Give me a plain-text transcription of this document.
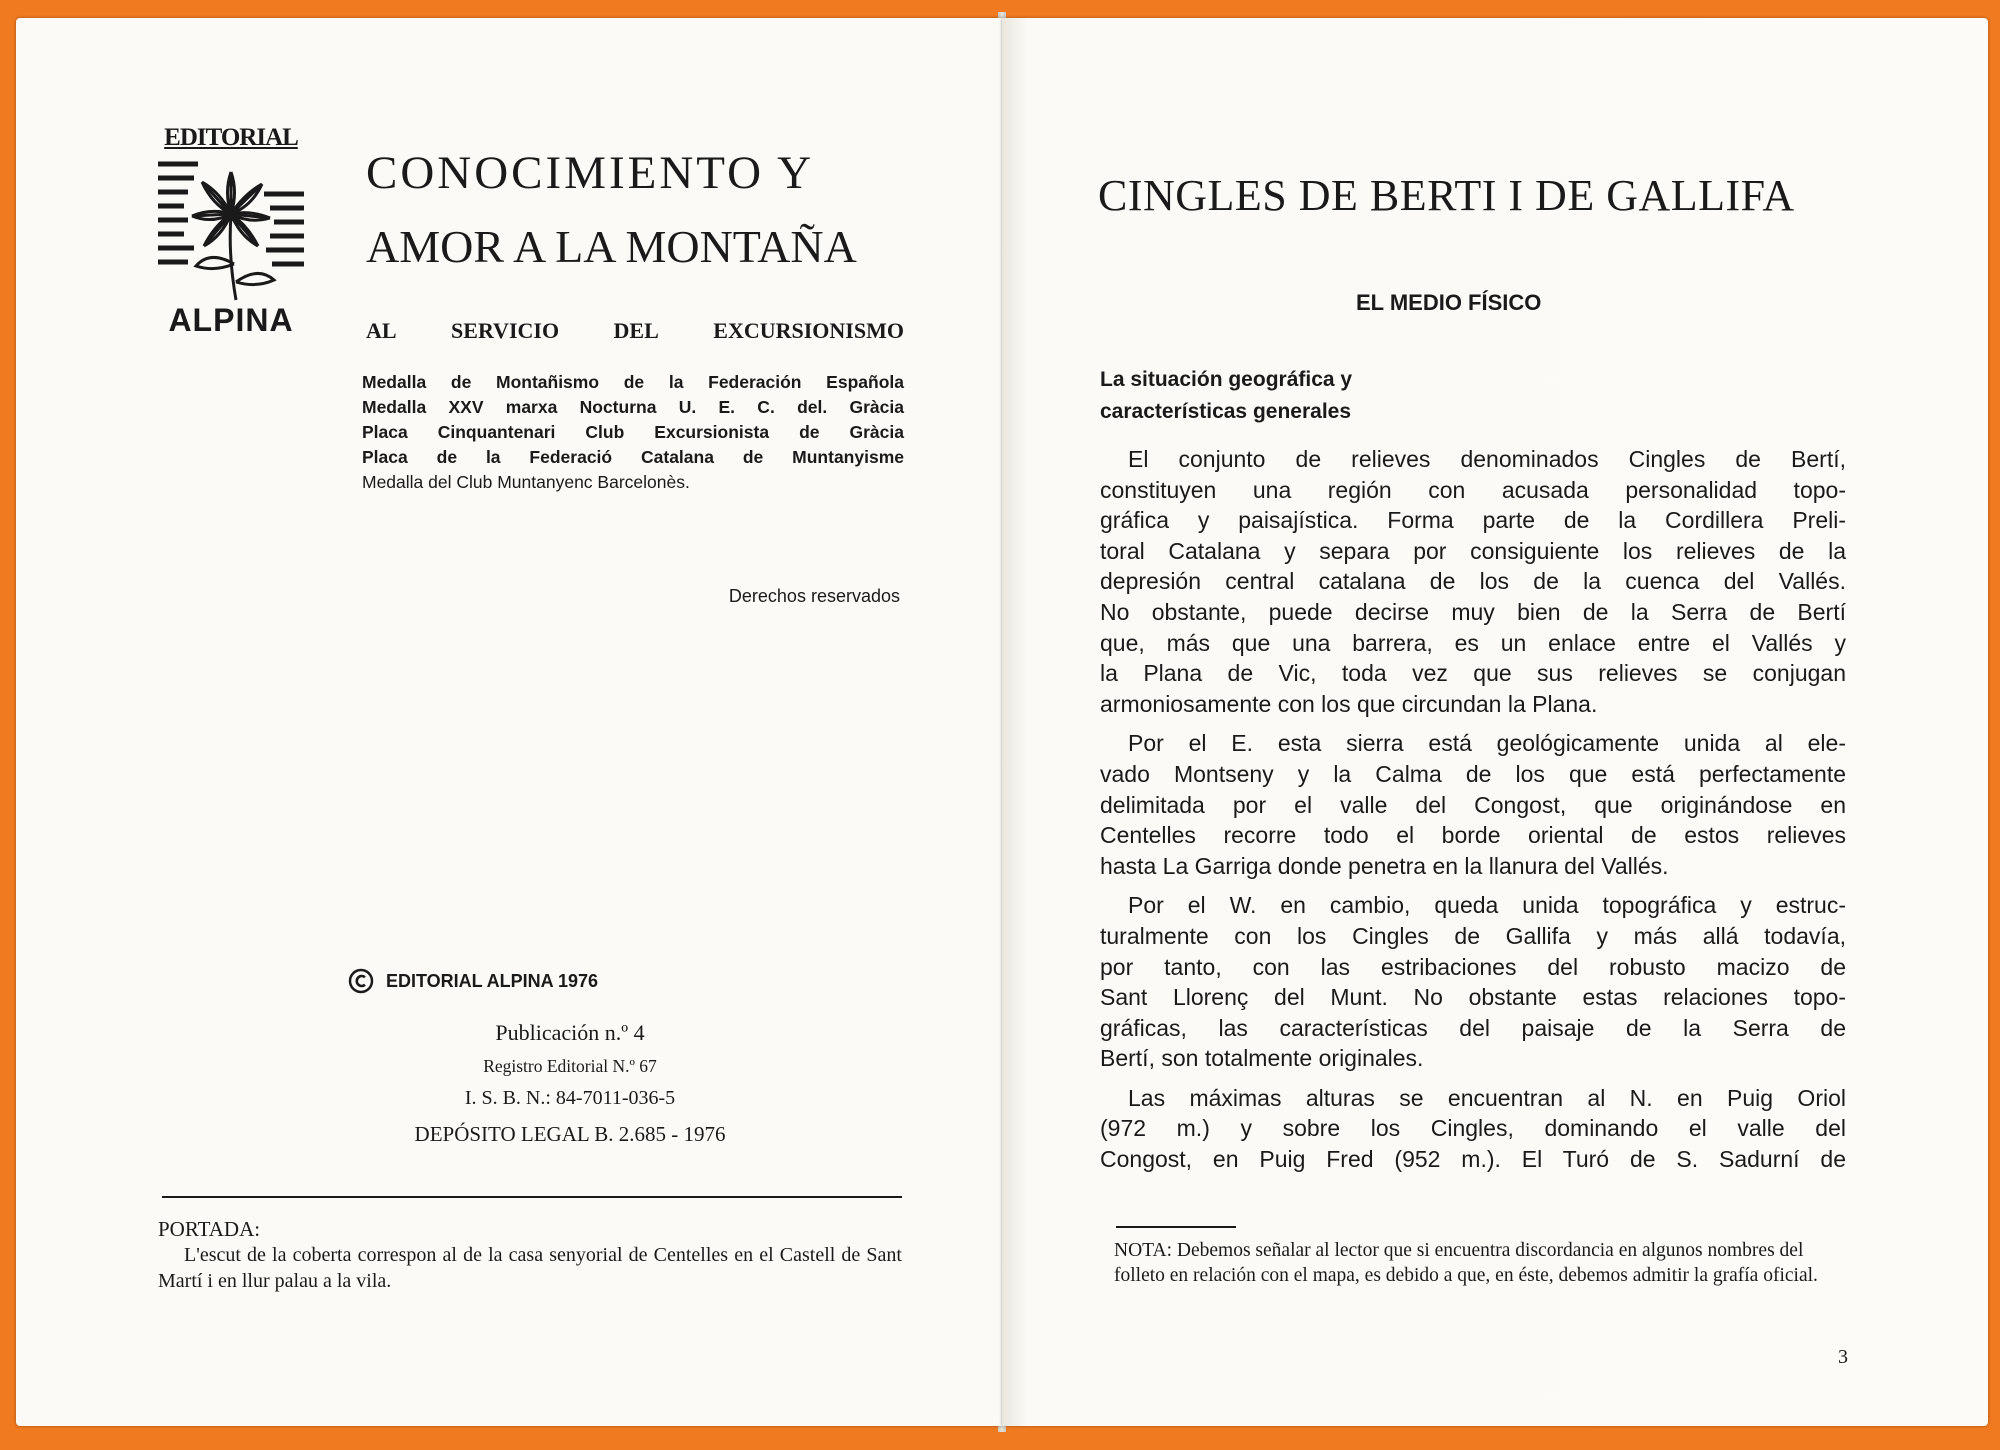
EDITORIAL
ALPINA
CONOCIMIENTO Y
AMOR A LA MONTAÑA
AL SERVICIO DEL EXCURSIONISMO
Medalla de Montañismo de la Federación Española
Medalla XXV marxa Nocturna U. E. C. del. Gràcia
Placa Cinquantenari Club Excursionista de Gràcia
Placa de la Federació Catalana de Muntanyisme
Medalla del Club Muntanyenc Barcelonès.
Derechos reservados
EDITORIAL ALPINA 1976
Publicación n.º 4
Registro Editorial N.º 67
I. S. B. N.: 84-7011-036-5
DEPÓSITO LEGAL B. 2.685 - 1976
PORTADA:
L'escut de la coberta correspon al de la casa senyorial de Centelles en el Castell de Sant Martí i en llur palau a la vila.
CINGLES DE BERTI I DE GALLIFA
EL MEDIO FÍSICO
La situación geográfica y
características generales
El conjunto de relieves denominados Cingles de Bertí,
constituyen una región con acusada personalidad topo-
gráfica y paisajística. Forma parte de la Cordillera Preli-
toral Catalana y separa por consiguiente los relieves de la
depresión central catalana de los de la cuenca del Vallés.
No obstante, puede decirse muy bien de la Serra de Bertí
que, más que una barrera, es un enlace entre el Vallés y
la Plana de Vic, toda vez que sus relieves se conjugan
armoniosamente con los que circundan la Plana.
Por el E. esta sierra está geológicamente unida al ele-
vado Montseny y la Calma de los que está perfectamente
delimitada por el valle del Congost, que originándose en
Centelles recorre todo el borde oriental de estos relieves
hasta La Garriga donde penetra en la llanura del Vallés.
Por el W. en cambio, queda unida topográfica y estruc-
turalmente con los Cingles de Gallifa y más allá todavía,
por tanto, con las estribaciones del robusto macizo de
Sant Llorenç del Munt. No obstante estas relaciones topo-
gráficas, las características del paisaje de la Serra de
Bertí, son totalmente originales.
Las máximas alturas se encuentran al N. en Puig Oriol
(972 m.) y sobre los Cingles, dominando el valle del
Congost, en Puig Fred (952 m.). El Turó de S. Sadurní de
NOTA: Debemos señalar al lector que si encuentra discordancia en algunos nombres del folleto en relación con el mapa, es debido a que, en éste, debemos admitir la grafía oficial.
3
